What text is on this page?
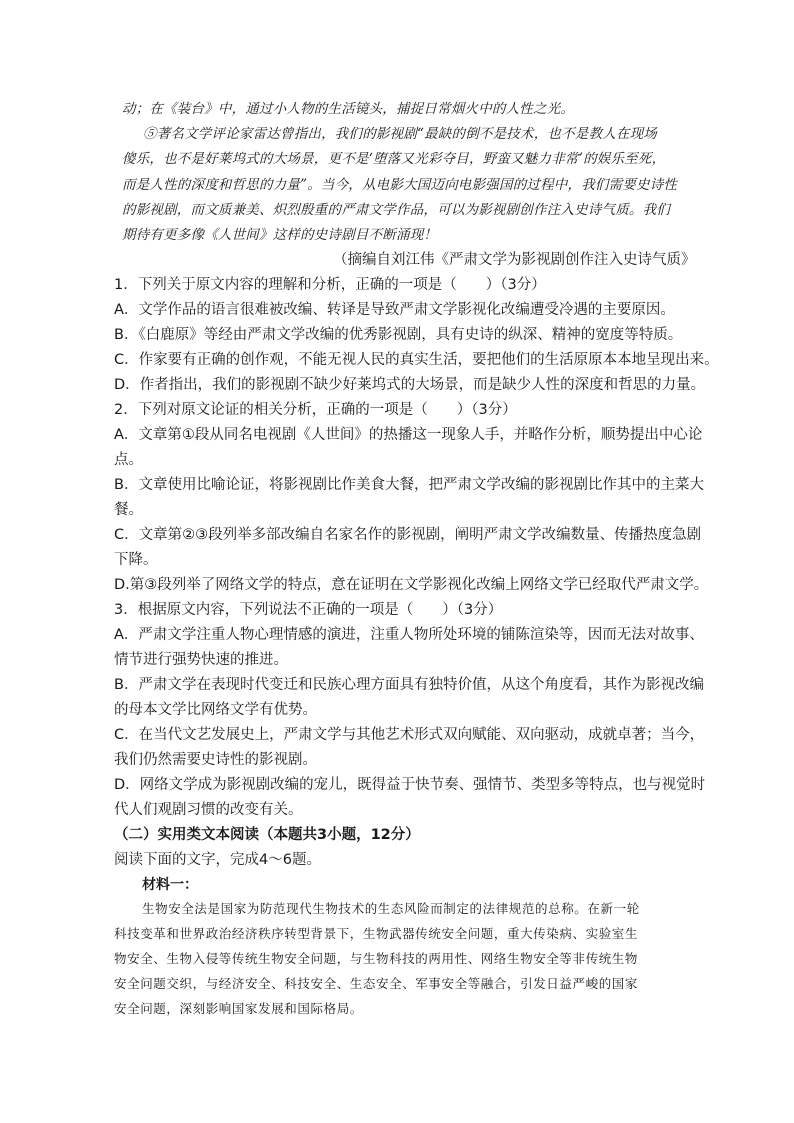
动；在《装台》中，通过小人物的生活镜头，捕捉日常烟火中的人性之光。
⑤著名文学评论家雷达曾指出，我们的影视剧“最缺的倒不是技术，也不是教人在现场
傻乐，也不是好莱坞式的大场景，更不是‘堕落又光彩夺目，野蛮又魅力非常’的娱乐至死，
而是人性的深度和哲思的力量”。当今，从电影大国迈向电影强国的过程中，我们需要史诗性
的影视剧，而文质兼美、炽烈殷重的严肃文学作品，可以为影视剧创作注入史诗气质。我们
期待有更多像《人世间》这样的史诗剧目不断涌现！
（摘编自刘江伟《严肃文学为影视剧创作注入史诗气质》
1．下列关于原文内容的理解和分析，正确的一项是（　　）（3分）
A．文学作品的语言很难被改编、转译是导致严肃文学影视化改编遭受冷遇的主要原因。
B．《白鹿原》等经由严肃文学改编的优秀影视剧，具有史诗的纵深、精神的宽度等特质。
C．作家要有正确的创作观，不能无视人民的真实生活，要把他们的生活原原本本地呈现出来。
D．作者指出，我们的影视剧不缺少好莱坞式的大场景，而是缺少人性的深度和哲思的力量。
2．下列对原文论证的相关分析，正确的一项是（　　）（3分）
A．文章第①段从同名电视剧《人世间》的热播这一现象人手，并略作分析，顺势提出中心论
点。
B．文章使用比喻论证，将影视剧比作美食大餐，把严肃文学改编的影视剧比作其中的主菜大
餐。
C．文章第②③段列举多部改编自名家名作的影视剧，阐明严肃文学改编数量、传播热度急剧
下降。
D.第③段列举了网络文学的特点，意在证明在文学影视化改编上网络文学已经取代严肃文学。
3．根据原文内容，下列说法不正确的一项是（　　）（3分）
A．严肃文学注重人物心理情感的演进，注重人物所处环境的铺陈渲染等，因而无法对故事、
情节进行强势快速的推进。
B．严肃文学在表现时代变迁和民族心理方面具有独特价值，从这个角度看，其作为影视改编
的母本文学比网络文学有优势。
C．在当代文艺发展史上，严肃文学与其他艺术形式双向赋能、双向驱动，成就卓著；当今，
我们仍然需要史诗性的影视剧。
D．网络文学成为影视剧改编的宠儿，既得益于快节奏、强情节、类型多等特点，也与视觉时
代人们观剧习惯的改变有关。
（二）实用类文本阅读（本题共3小题，12分）
阅读下面的文字，完成4～6题。
材料一：
生物安全法是国家为防范现代生物技术的生态风险而制定的法律规范的总称。在新一轮
科技变革和世界政治经济秩序转型背景下，生物武器传统安全问题，重大传染病、实验室生
物安全、生物入侵等传统生物安全问题，与生物科技的两用性、网络生物安全等非传统生物
安全问题交织，与经济安全、科技安全、生态安全、军事安全等融合，引发日益严峻的国家
安全问题，深刻影响国家发展和国际格局。
